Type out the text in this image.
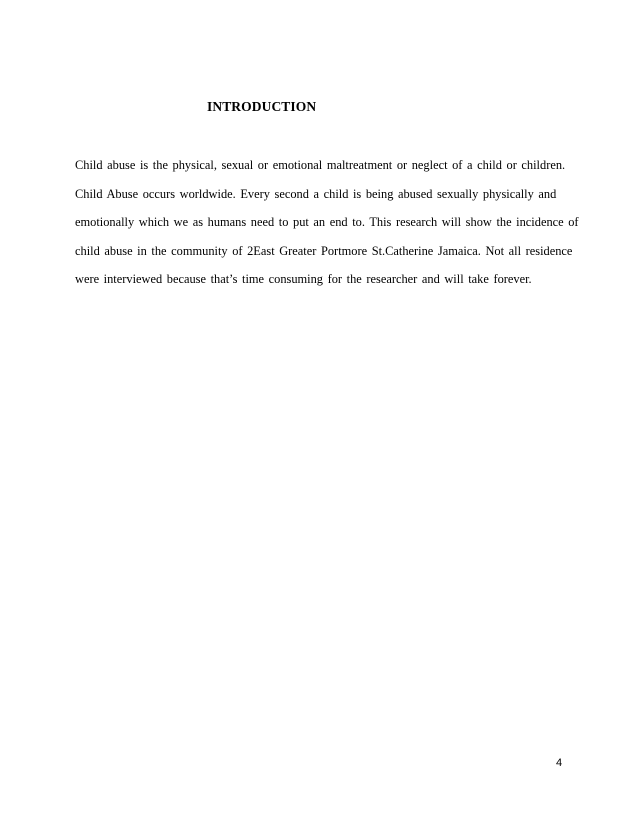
INTRODUCTION
Child abuse is the physical, sexual or emotional maltreatment or neglect of a child or children.
Child Abuse occurs worldwide. Every second a child is being abused sexually physically and
emotionally which we as humans need to put an end to. This research will show the incidence of
child abuse in the community of 2East Greater Portmore St.Catherine Jamaica. Not all residence
were interviewed because that’s time consuming for the researcher and will take forever.
4
